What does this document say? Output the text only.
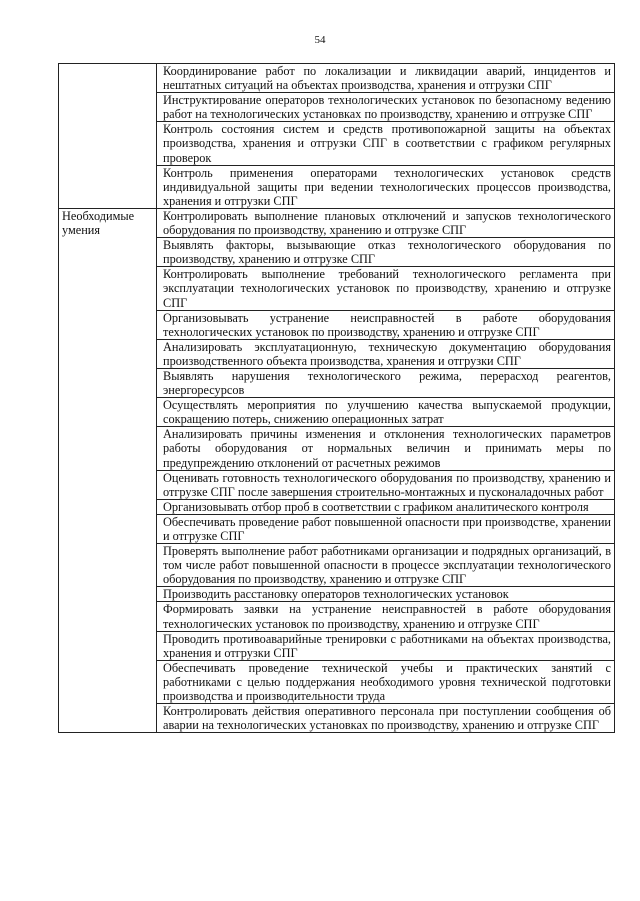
54

	Координирование работ по локализации и ликвидации аварий, инцидентов и нештатных ситуаций на объектах производства, хранения и отгрузки СПГ

	Инструктирование операторов технологических установок по безопасному ведению работ на технологических установках по производству, хранению и отгрузке СПГ

	Контроль состояния систем и средств противопожарной защиты на объектах производства, хранения и отгрузки СПГ в соответствии с графиком регулярных проверок

	Контроль применения операторами технологических установок средств индивидуальной защиты при ведении технологических процессов производства, хранения и отгрузки СПГ

Необходимые умения	Контролировать выполнение плановых отключений и запусков технологического оборудования по производству, хранению и отгрузке СПГ

	Выявлять факторы, вызывающие отказ технологического оборудования по производству, хранению и отгрузке СПГ

	Контролировать выполнение требований технологического регламента при эксплуатации технологических установок по производству, хранению и отгрузке СПГ

	Организовывать устранение неисправностей в работе оборудования технологических установок по производству, хранению и отгрузке СПГ

	Анализировать эксплуатационную, техническую документацию оборудования производственного объекта производства, хранения и отгрузки СПГ

	Выявлять нарушения технологического режима, перерасход реагентов, энергоресурсов

	Осуществлять мероприятия по улучшению качества выпускаемой продукции, сокращению потерь, снижению операционных затрат

	Анализировать причины изменения и отклонения технологических параметров работы оборудования от нормальных величин и принимать меры по предупреждению отклонений от расчетных режимов

	Оценивать готовность технологического оборудования по производству, хранению и отгрузке СПГ после завершения строительно-монтажных и пусконаладочных работ

	Организовывать отбор проб в соответствии с графиком аналитического контроля

	Обеспечивать проведение работ повышенной опасности при производстве, хранении и отгрузке СПГ

	Проверять выполнение работ работниками организации и подрядных организаций, в том числе работ повышенной опасности в процессе эксплуатации технологического оборудования по производству, хранению и отгрузке СПГ

	Производить расстановку операторов технологических установок

	Формировать заявки на устранение неисправностей в работе оборудования технологических установок по производству, хранению и отгрузке СПГ

	Проводить противоаварийные тренировки с работниками на объектах производства, хранения и отгрузки СПГ

	Обеспечивать проведение технической учебы и практических занятий с работниками с целью поддержания необходимого уровня технической подготовки производства и производительности труда

	Контролировать действия оперативного персонала при поступлении сообщения об аварии на технологических установках по производству, хранению и отгрузке СПГ
